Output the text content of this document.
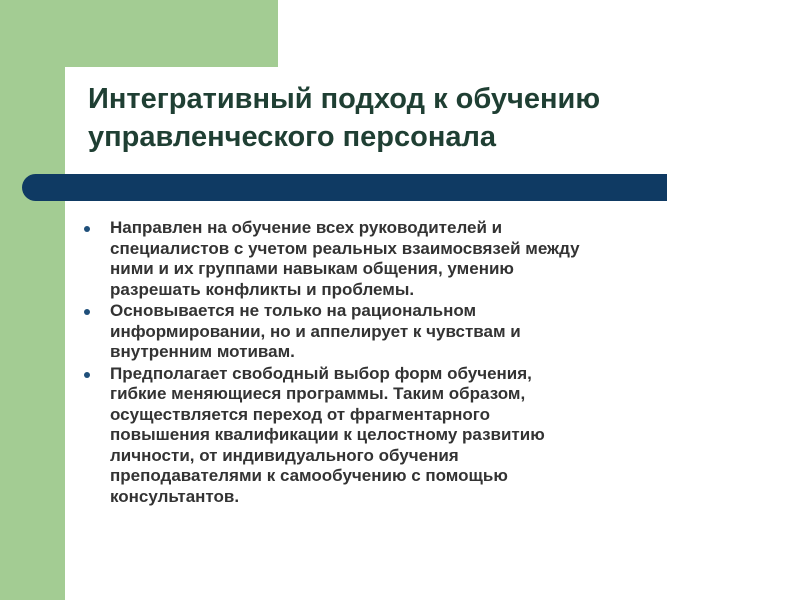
Интегративный подход к обучению
управленческого персонала
Направлен на обучение всех руководителей и
специалистов с учетом реальных взаимосвязей между
ними и их группами навыкам общения, умению
разрешать конфликты и проблемы.
Основывается не только на рациональном
информировании, но и аппелирует к чувствам и
внутренним мотивам.
Предполагает свободный выбор форм обучения,
гибкие меняющиеся программы. Таким образом,
осуществляется переход от фрагментарного
повышения квалификации к целостному развитию
личности, от индивидуального обучения
преподавателями к самообучению с помощью
консультантов.
